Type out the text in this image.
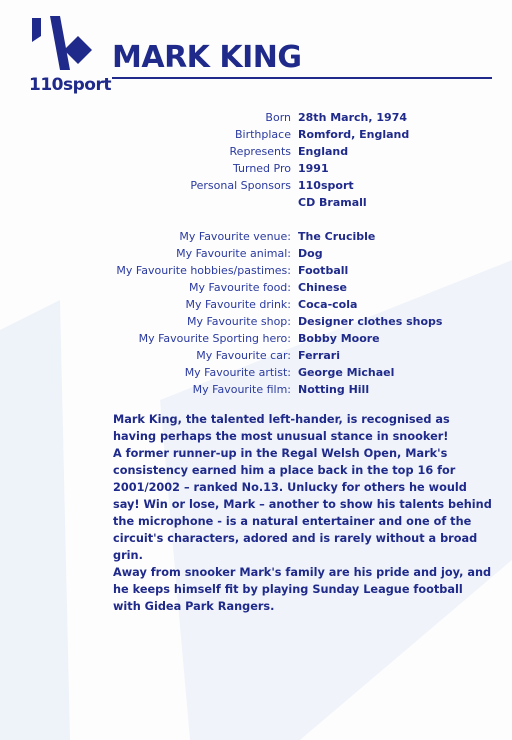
110sport
MARK KING
Born 28th March, 1974
Birthplace Romford, England
Represents England
Turned Pro 1991
Personal Sponsors 110sport
CD Bramall
My Favourite venue: The Crucible
My Favourite animal: Dog
My Favourite hobbies/pastimes: Football
My Favourite food: Chinese
My Favourite drink: Coca-cola
My Favourite shop: Designer clothes shops
My Favourite Sporting hero: Bobby Moore
My Favourite car: Ferrari
My Favourite artist: George Michael
My Favourite film: Notting Hill

Mark King, the talented left-hander, is recognised as having perhaps the most unusual stance in snooker!

A former runner-up in the Regal Welsh Open, Mark's consistency earned him a place back in the top 16 for 2001/2002 – ranked No.13. Unlucky for others he would say! Win or lose, Mark – another to show his talents behind the microphone - is a natural entertainer and one of the circuit's characters, adored and is rarely without a broad grin.

Away from snooker Mark's family are his pride and joy, and he keeps himself fit by playing Sunday League football with Gidea Park Rangers.
